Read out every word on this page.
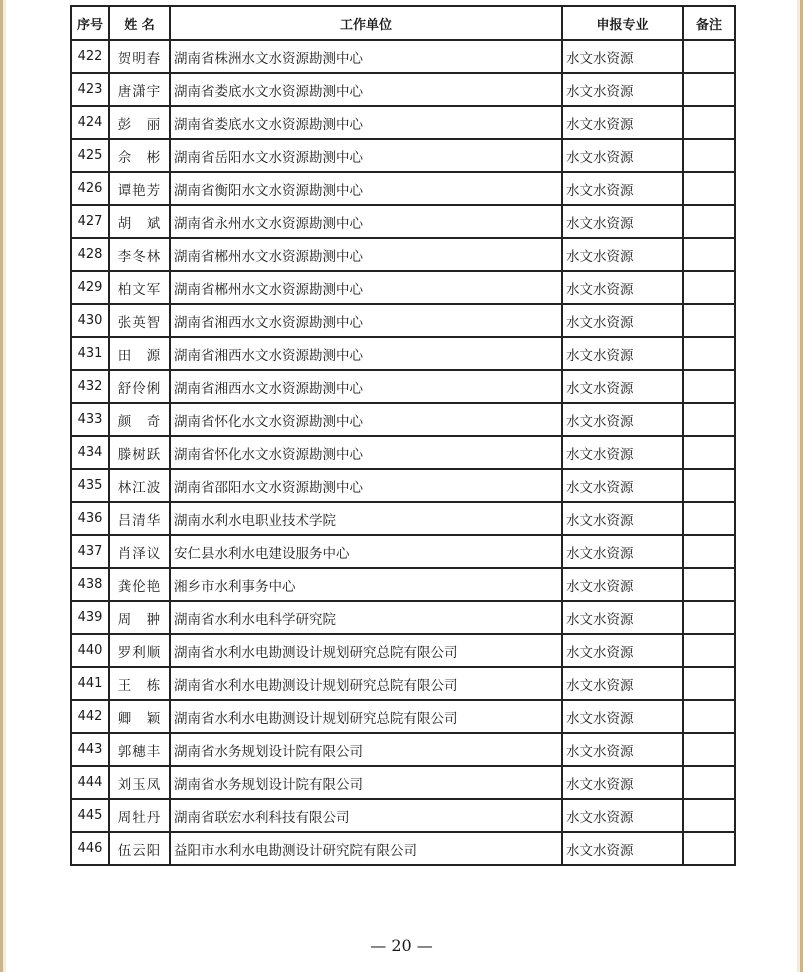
序号	姓 名	工作单位	申报专业	备注
422	贺明春	湖南省株洲水文水资源勘测中心	水文水资源	
423	唐潇宇	湖南省娄底水文水资源勘测中心	水文水资源	
424	彭　丽	湖南省娄底水文水资源勘测中心	水文水资源	
425	佘　彬	湖南省岳阳水文水资源勘测中心	水文水资源	
426	谭艳芳	湖南省衡阳水文水资源勘测中心	水文水资源	
427	胡　斌	湖南省永州水文水资源勘测中心	水文水资源	
428	李冬林	湖南省郴州水文水资源勘测中心	水文水资源	
429	柏文军	湖南省郴州水文水资源勘测中心	水文水资源	
430	张英智	湖南省湘西水文水资源勘测中心	水文水资源	
431	田　源	湖南省湘西水文水资源勘测中心	水文水资源	
432	舒伶俐	湖南省湘西水文水资源勘测中心	水文水资源	
433	颜　奇	湖南省怀化水文水资源勘测中心	水文水资源	
434	滕树跃	湖南省怀化水文水资源勘测中心	水文水资源	
435	林江波	湖南省邵阳水文水资源勘测中心	水文水资源	
436	吕清华	湖南水利水电职业技术学院	水文水资源	
437	肖泽议	安仁县水利水电建设服务中心	水文水资源	
438	龚伦艳	湘乡市水利事务中心	水文水资源	
439	周　翀	湖南省水利水电科学研究院	水文水资源	
440	罗利顺	湖南省水利水电勘测设计规划研究总院有限公司	水文水资源	
441	王　栋	湖南省水利水电勘测设计规划研究总院有限公司	水文水资源	
442	卿　颖	湖南省水利水电勘测设计规划研究总院有限公司	水文水资源	
443	郭穗丰	湖南省水务规划设计院有限公司	水文水资源	
444	刘玉凤	湖南省水务规划设计院有限公司	水文水资源	
445	周牡丹	湖南省联宏水利科技有限公司	水文水资源	
446	伍云阳	益阳市水利水电勘测设计研究院有限公司	水文水资源	
— 20 —
